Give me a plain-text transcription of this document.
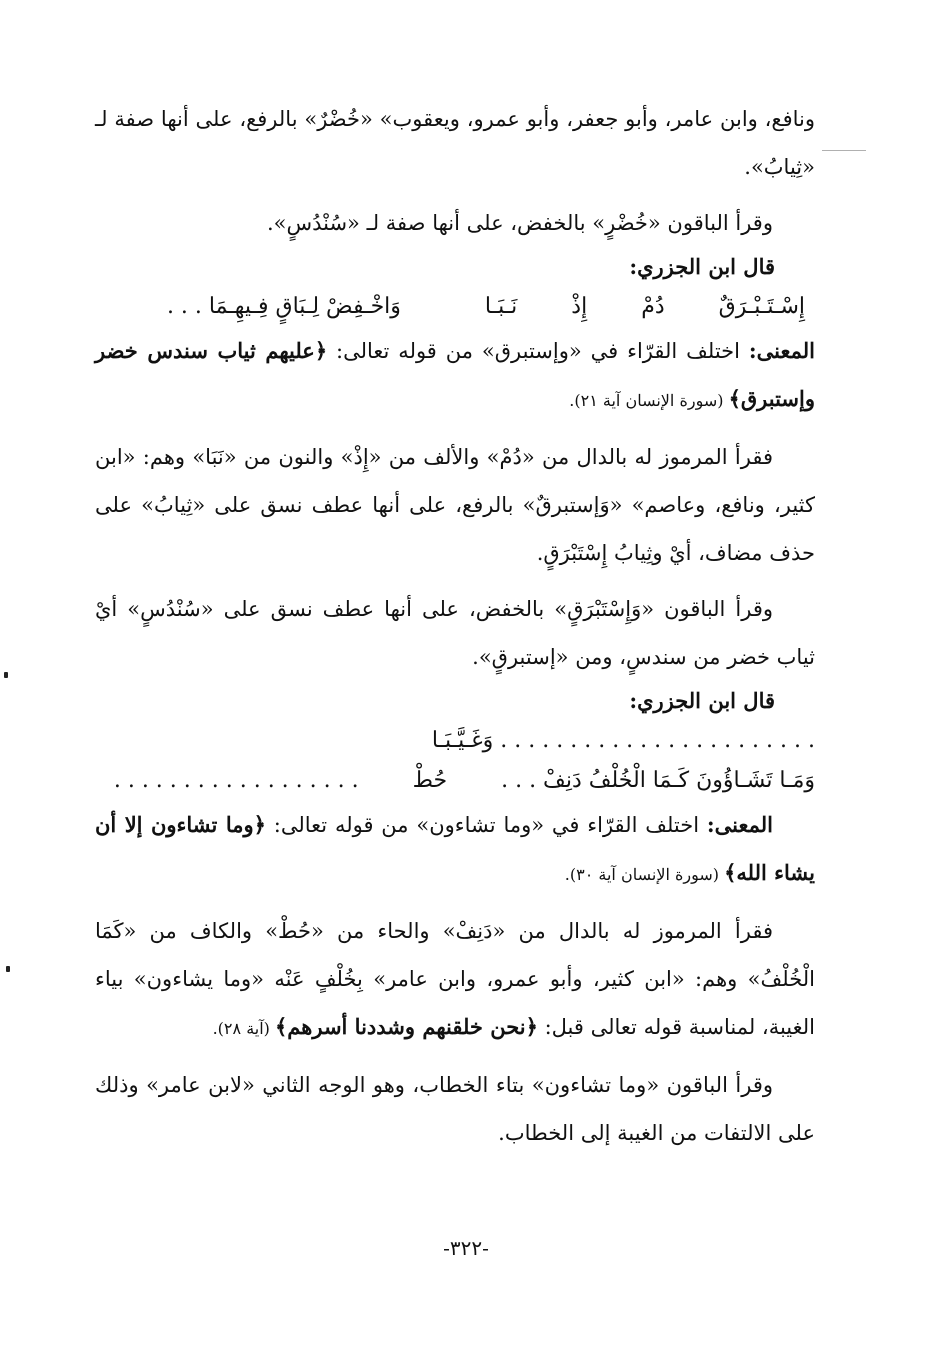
ونافع، وابن عامر، وأبو جعفر، وأبو عمرو، ويعقوب» «خُضْرٌ» بالرفع، على أنها صفة لـ «ثِيابُ».

وقرأ الباقون «خُضْرٍ» بالخفض، على أنها صفة لـ «سُنْدُسٍ».

قال ابن الجزري:

إِسْـتَـبْـرَقٌ  دُمْ  إِذْ  نَـبَـا  وَاخْـفِضْ لِـبَاقٍ فِـيهِـمَا . . .

المعنى: اختلف القرّاء في «وإستبرق» من قوله تعالى: ﴿عليهم ثياب سندس خضر وإستبرق﴾ (سورة الإنسان آية ٢١).

فقرأ المرموز له بالدال من «دُمْ» والألف من «إِذْ» والنون من «نَبَا» وهم: «ابن كثير، ونافع، وعاصم» «وَإستبرقٌ» بالرفع، على أنها عطف نسق على «ثِيابُ» على حذف مضاف، أيْ وثِيابُ إِسْتَبْرَقٍ.

وقرأ الباقون «وَإِسْتَبْرَقٍ» بالخفض، على أنها عطف نسق على «سُنْدُسٍ» أيْ ثياب خضر من سندسٍ، ومن «إستبرقٍ».

قال ابن الجزري:

. . . . . . . . . . . . . . . . . . . . . . . وَغَـيَّـبَـا

وَمَـا تَشَـاؤُونَ كَـمَا الْخُلْفُ دَنِفْ . . .  حُطْ  . . . . . . . . . . . . . . . . . .

المعنى: اختلف القرّاء في «وما تشاءون» من قوله تعالى: ﴿وما تشاءون إلا أن يشاء الله﴾ (سورة الإنسان آية ٣٠).

فقرأ المرموز له بالدال من «دَنِفْ» والحاء من «حُطْ» والكاف من «كَمَا الْخُلْفُ» وهم: «ابن كثير، وأبو عمرو، وابن عامر» بِخُلْفٍ عَنْه «وما يشاءون» بياء الغيبة، لمناسبة قوله تعالى قبل: ﴿نحن خلقنهم وشددنا أسرهم﴾ (آية ٢٨).

وقرأ الباقون «وما تشاءون» بتاء الخطاب، وهو الوجه الثاني «لابن عامر» وذلك على الالتفات من الغيبة إلى الخطاب.

-٣٢٢-
